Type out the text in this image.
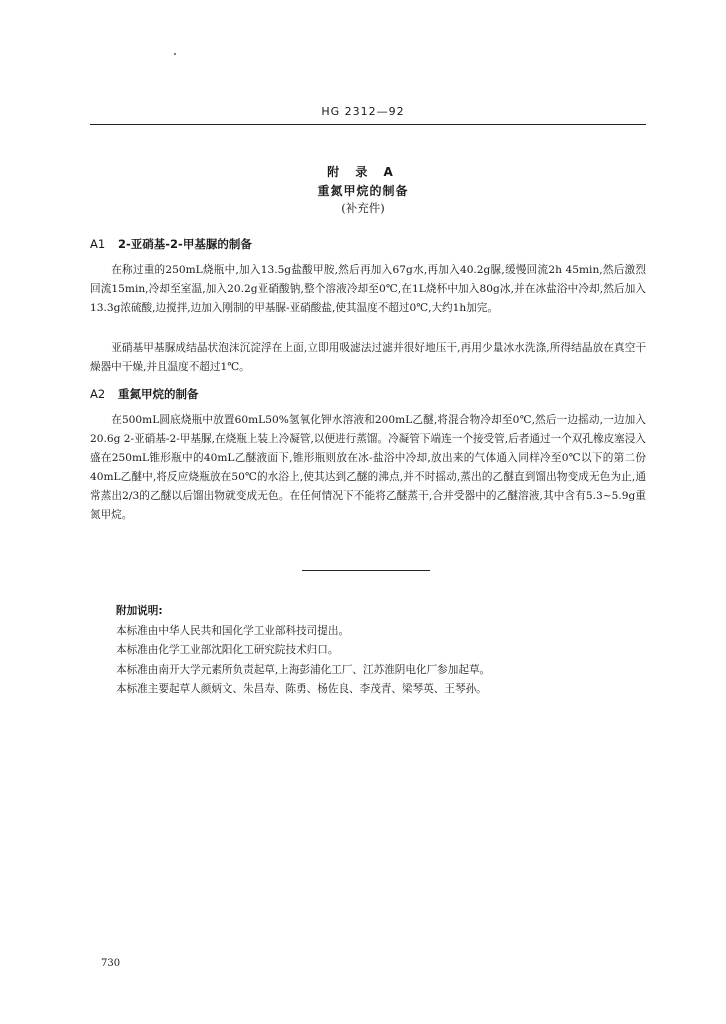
HG 2312—92
附 录 A
重氮甲烷的制备
(补充件)
A1 2-亚硝基-2-甲基脲的制备

在称过重的250mL烧瓶中,加入13.5g盐酸甲胺,然后再加入67g水,再加入40.2g脲,缓慢回流2h 45min,然后激烈回流15min,冷却至室温,加入20.2g亚硝酸钠,整个溶液冷却至0℃,在1L烧杯中加入80g冰,并在冰盐浴中冷却,然后加入13.3g浓硫酸,边搅拌,边加入刚制的甲基脲-亚硝酸盐,使其温度不超过0℃,大约1h加完。

亚硝基甲基脲成结晶状泡沫沉淀浮在上面,立即用吸滤法过滤并很好地压干,再用少量冰水洗涤,所得结晶放在真空干燥器中干燥,并且温度不超过1℃。

A2 重氮甲烷的制备

在500mL圆底烧瓶中放置60mL50%氢氧化钾水溶液和200mL乙醚,将混合物冷却至0℃,然后一边摇动,一边加入20.6g 2-亚硝基-2-甲基脲,在烧瓶上装上冷凝管,以便进行蒸馏。冷凝管下端连一个接受管,后者通过一个双孔橡皮塞浸入盛在250mL锥形瓶中的40mL乙醚液面下,锥形瓶则放在冰-盐浴中冷却,放出来的气体通入同样冷至0℃以下的第二份40mL乙醚中,将反应烧瓶放在50℃的水浴上,使其达到乙醚的沸点,并不时摇动,蒸出的乙醚直到馏出物变成无色为止,通常蒸出2/3的乙醚以后馏出物就变成无色。在任何情况下不能将乙醚蒸干,合并受器中的乙醚溶液,其中含有5.3~5.9g重氮甲烷。

附加说明:
本标准由中华人民共和国化学工业部科技司提出。
本标准由化学工业部沈阳化工研究院技术归口。
本标准由南开大学元素所负责起草,上海彭浦化工厂、江苏淮阴电化厂参加起草。
本标准主要起草人颜炳文、朱昌寿、陈勇、杨佐良、李茂青、梁琴英、王琴孙。
730
